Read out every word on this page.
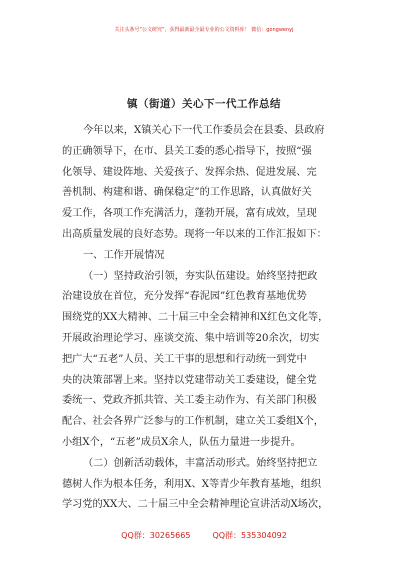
关注头条号“公文研究”，获得最新最全最专业的公文资料库！ 微信：gongwenyj
镇（街道）关心下一代工作总结
今年以来，X镇关心下一代工作委员会在县委、县政府
的正确领导下，在市、县关工委的悉心指导下，按照“强
化领导、建设阵地、关爱孩子、发挥余热、促进发展、完
善机制、构建和谐、确保稳定”的工作思路，认真做好关
爱工作，各项工作充满活力，蓬勃开展，富有成效，呈现
出高质量发展的良好态势。现将一年以来的工作汇报如下：
一、工作开展情况
（一）坚持政治引领，夯实队伍建设。始终坚持把政
治建设放在首位，充分发挥“春泥园”红色教育基地优势
围绕党的XX大精神、二十届三中全会精神和X红色文化等，
开展政治理论学习、座谈交流、集中培训等20余次，切实
把广大“五老”人员、关工干事的思想和行动统一到党中
央的决策部署上来。坚持以党建带动关工委建设，健全党
委统一、党政齐抓共管、关工委主动作为、有关部门积极
配合、社会各界广泛参与的工作机制，建立关工委组X个，
小组X个，“五老”成员X余人，队伍力量进一步提升。
（二）创新活动载体，丰富活动形式。始终坚持把立
德树人作为根本任务，利用X、X等青少年教育基地，组织
学习党的XX大、二十届三中全会精神理论宣讲活动X场次，
QQ群：30265665	QQ群：535304092
